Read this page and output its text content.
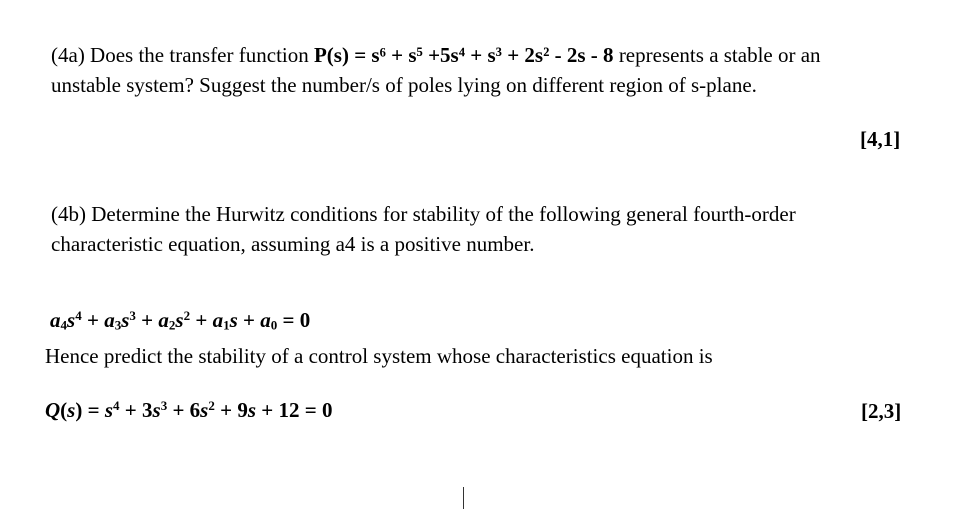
(4a) Does the transfer function P(s) = s⁶ + s⁵ +5s⁴ + s³ + 2s² - 2s - 8 represents a stable or an
unstable system? Suggest the number/s of poles lying on different region of s-plane.
[4,1]
(4b) Determine the Hurwitz conditions for stability of the following general fourth-order
characteristic equation, assuming a4 is a positive number.
$a_4s^4 + a_3s^3 + a_2s^2 + a_1s + a_0 = 0$
Hence predict the stability of a control system whose characteristics equation is
$Q(s) = s^4 + 3s^3 + 6s^2 + 9s + 12 = 0$	[2,3]
